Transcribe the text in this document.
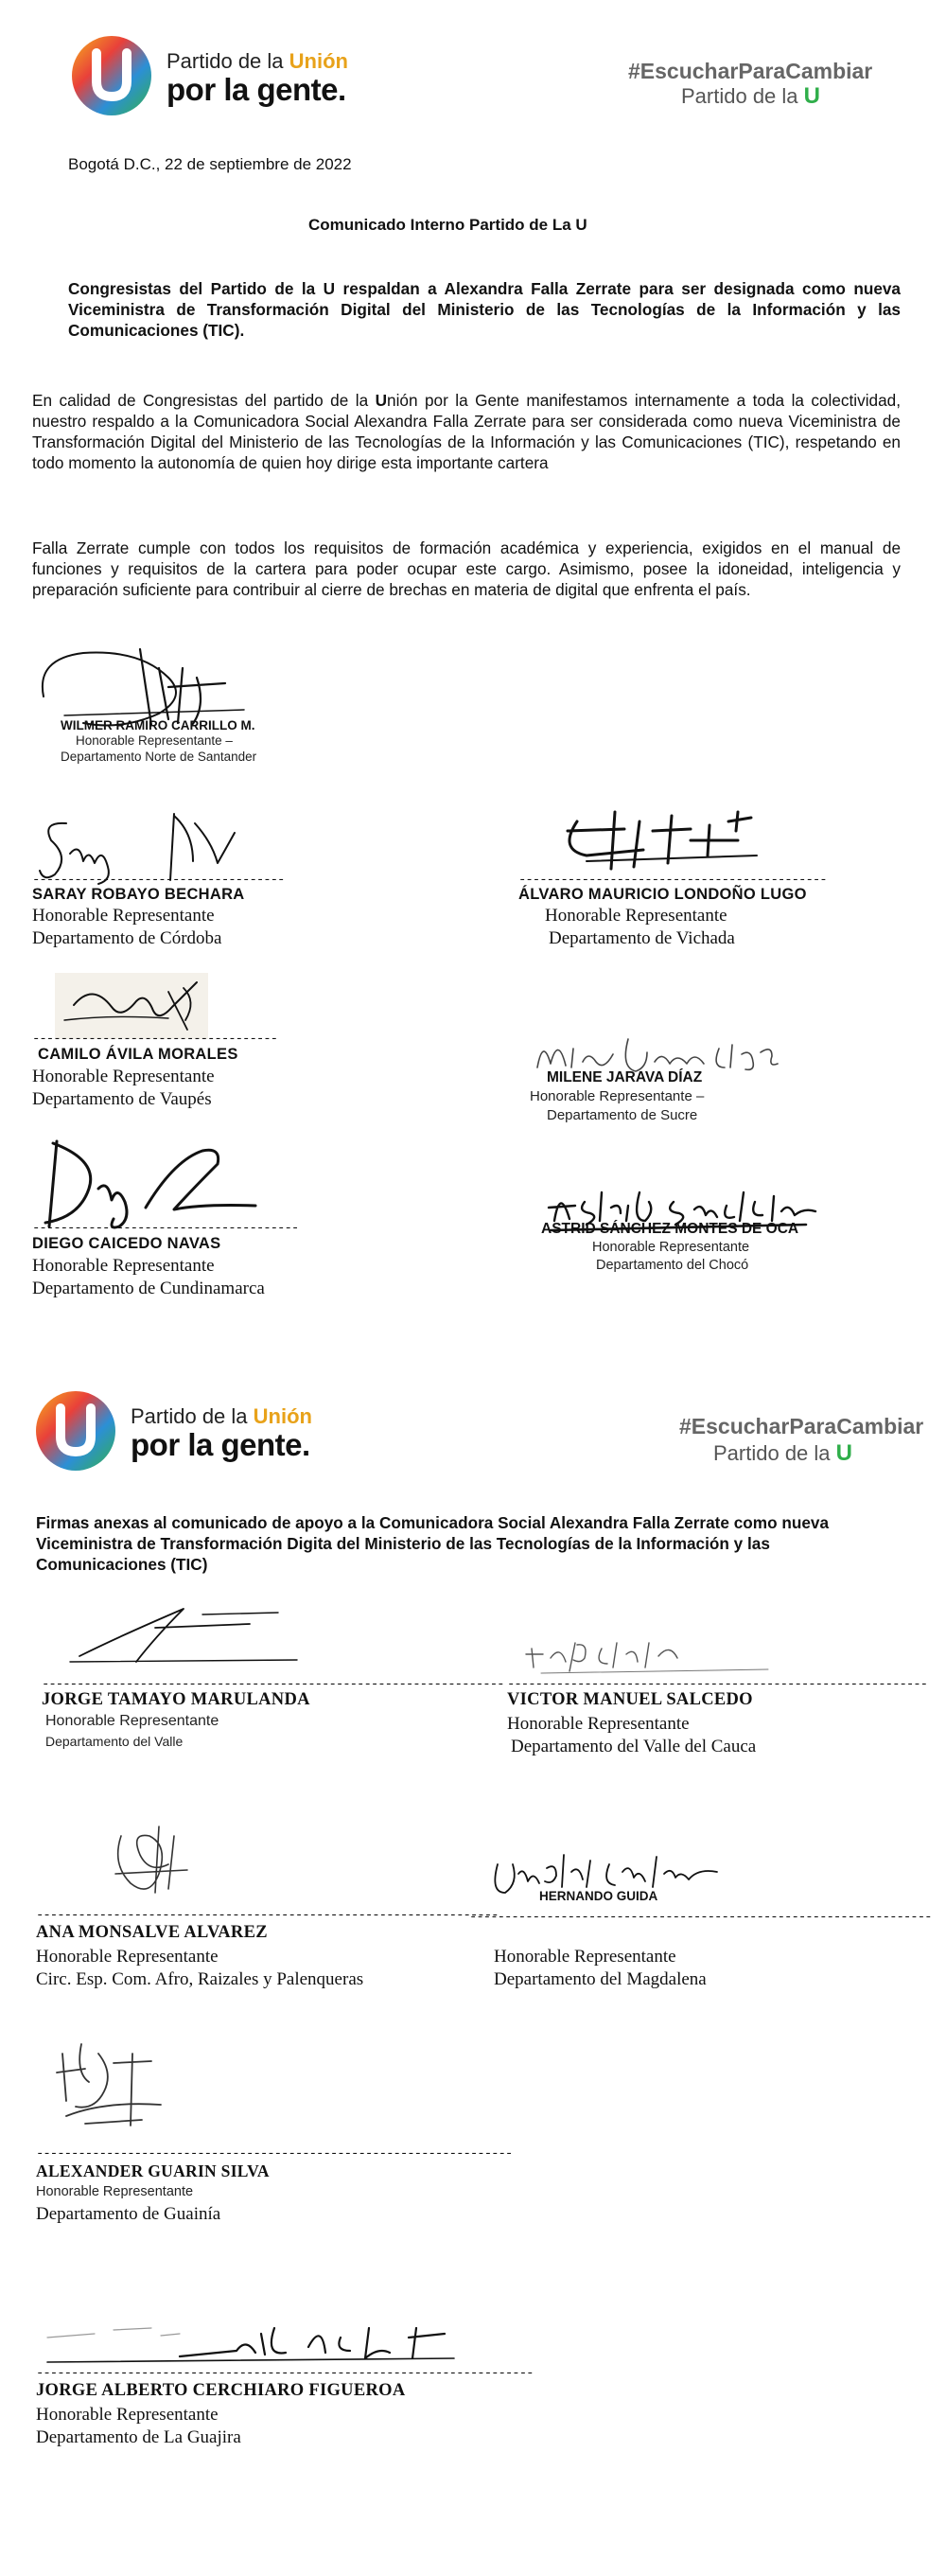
Partido de la Unión
por la gente.
#EscucharParaCambiar
Partido de la U
Bogotá D.C., 22 de septiembre de 2022
Comunicado Interno Partido de La U
Congresistas del Partido de la U respaldan a Alexandra Falla Zerrate para ser designada como nueva Viceministra de Transformación Digital del Ministerio de las Tecnologías de la Información y las Comunicaciones (TIC).
En calidad de Congresistas del partido de la Unión por la Gente manifestamos internamente a toda la colectividad, nuestro respaldo a la Comunicadora Social Alexandra Falla Zerrate para ser considerada como nueva Viceministra de Transformación Digital del Ministerio de las Tecnologías de la Información y las Comunicaciones (TIC), respetando en todo momento la autonomía de quien hoy dirige esta importante cartera
Falla Zerrate cumple con todos los requisitos de formación académica y experiencia, exigidos en el manual de funciones y requisitos de la cartera para poder ocupar este cargo. Asimismo, posee la idoneidad, inteligencia y preparación suficiente para contribuir al cierre de brechas en materia de digital que enfrenta el país.
WILMER RAMIRO CARRILLO M.
Honorable Representante –
Departamento Norte de Santander
------------------------------------
SARAY ROBAYO BECHARA
Honorable Representante
Departamento de Córdoba
--------------------------------------------
ÁLVARO MAURICIO LONDOÑO LUGO
Honorable Representante
Departamento de Vichada
-----------------------------------
CAMILO ÁVILA MORALES
Honorable Representante
Departamento de Vaupés
MILENE JARAVA DÍAZ
Honorable Representante –
Departamento de Sucre
--------------------------------------
DIEGO CAICEDO NAVAS
Honorable Representante
Departamento de Cundinamarca
ASTRID SÁNCHEZ MONTES DE OCA
Honorable Representante
Departamento del Chocó
Partido de la Unión
por la gente.
#EscucharParaCambiar
Partido de la U
Firmas anexas al comunicado de apoyo a la Comunicadora Social Alexandra Falla Zerrate como nueva Viceministra de Transformación Digita del Ministerio de las Tecnologías de la Información y las Comunicaciones (TIC)
------------------------------------------------------------------
JORGE TAMAYO MARULANDA
Honorable Representante
Departamento del Valle
------------------------------------------------------------
VICTOR MANUEL SALCEDO
Honorable Representante
Departamento del Valle del Cauca
------------------------------------------------------------------
ANA MONSALVE ALVAREZ
Honorable Representante
Circ. Esp. Com. Afro, Raizales y Palenqueras
HERNANDO GUIDA
------------------------------------------------------------------
Honorable Representante
Departamento del Magdalena
--------------------------------------------------------------------
ALEXANDER GUARIN SILVA
Honorable Representante
Departamento de Guainía
-----------------------------------------------------------------------
JORGE ALBERTO CERCHIARO FIGUEROA
Honorable Representante
Departamento de La Guajira
